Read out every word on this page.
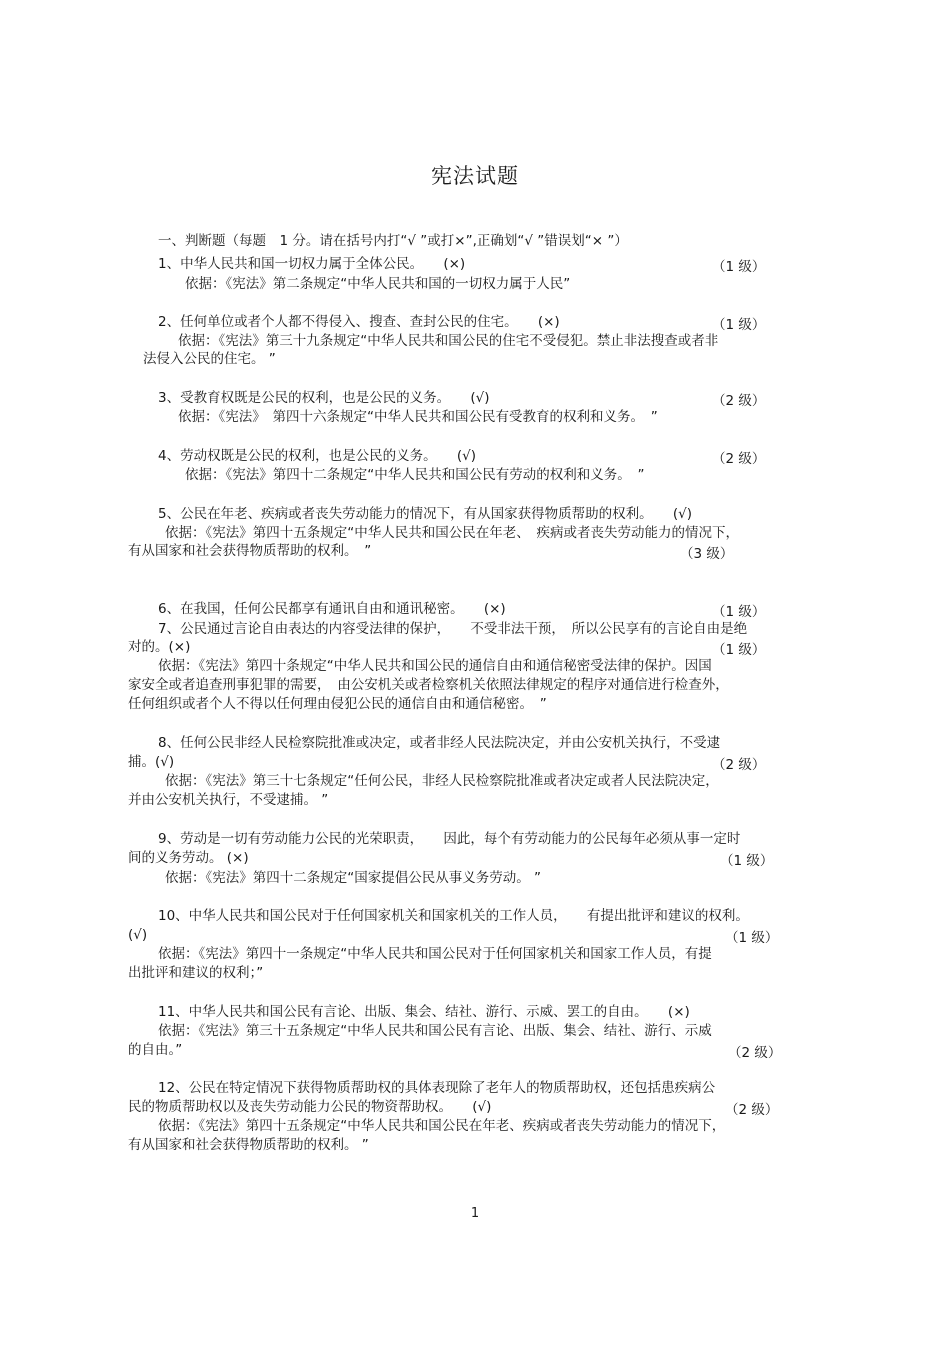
宪法试题
一、判断题（每题　1 分。请在括号内打“√ ”或打×”,正确划“√ ”错误划“× ”）
1、中华人民共和国一切权力属于全体公民。　　(×)	（1 级）
依据：《宪法》第二条规定“中华人民共和国的一切权力属于人民”
2、任何单位或者个人都不得侵入、搜查、查封公民的住宅。　　(×)	（1 级）
依据：《宪法》第三十九条规定“中华人民共和国公民的住宅不受侵犯。禁止非法搜查或者非
法侵入公民的住宅。 ”
3、受教育权既是公民的权利，也是公民的义务。　　(√)	（2 级）
依据：《宪法》　第四十六条规定“中华人民共和国公民有受教育的权利和义务。　”
4、劳动权既是公民的权利，也是公民的义务。　　(√)	（2 级）
依据：《宪法》第四十二条规定“中华人民共和国公民有劳动的权利和义务。　”
5、公民在年老、疾病或者丧失劳动能力的情况下，有从国家获得物质帮助的权利。　　(√)
依据：《宪法》第四十五条规定“中华人民共和国公民在年老、　疾病或者丧失劳动能力的情况下，
有从国家和社会获得物质帮助的权利。　”	（3 级）
6、在我国，任何公民都享有通讯自由和通讯秘密。　　(×)	（1 级）
7、公民通过言论自由表达的内容受法律的保护，　　不受非法干预，　所以公民享有的言论自由是绝
对的。(×)	（1 级）
依据：《宪法》第四十条规定“中华人民共和国公民的通信自由和通信秘密受法律的保护。因国
家安全或者追查刑事犯罪的需要，　由公安机关或者检察机关依照法律规定的程序对通信进行检查外，
任何组织或者个人不得以任何理由侵犯公民的通信自由和通信秘密。　”
8、任何公民非经人民检察院批准或决定，或者非经人民法院决定，并由公安机关执行，不受逮
捕。(√)	（2 级）
依据：《宪法》第三十七条规定“任何公民，非经人民检察院批准或者决定或者人民法院决定，
并由公安机关执行，不受逮捕。 ”
9、劳动是一切有劳动能力公民的光荣职责，　　因此，每个有劳动能力的公民每年必须从事一定时
间的义务劳动。 (×)	（1 级）
依据：《宪法》第四十二条规定“国家提倡公民从事义务劳动。 ”
10、中华人民共和国公民对于任何国家机关和国家机关的工作人员，　　有提出批评和建议的权利。
(√)	（1 级）
依据：《宪法》第四十一条规定“中华人民共和国公民对于任何国家机关和国家工作人员，有提
出批评和建议的权利；”
11、中华人民共和国公民有言论、出版、集会、结社、游行、示威、罢工的自由。　　(×)
依据：《宪法》第三十五条规定“中华人民共和国公民有言论、出版、集会、结社、游行、示威
的自由。”	（2 级）
12、公民在特定情况下获得物质帮助权的具体表现除了老年人的物质帮助权，还包括患疾病公
民的物质帮助权以及丧失劳动能力公民的物资帮助权。　　(√)	（2 级）
依据：《宪法》第四十五条规定“中华人民共和国公民在年老、疾病或者丧失劳动能力的情况下，
有从国家和社会获得物质帮助的权利。 ”
1
